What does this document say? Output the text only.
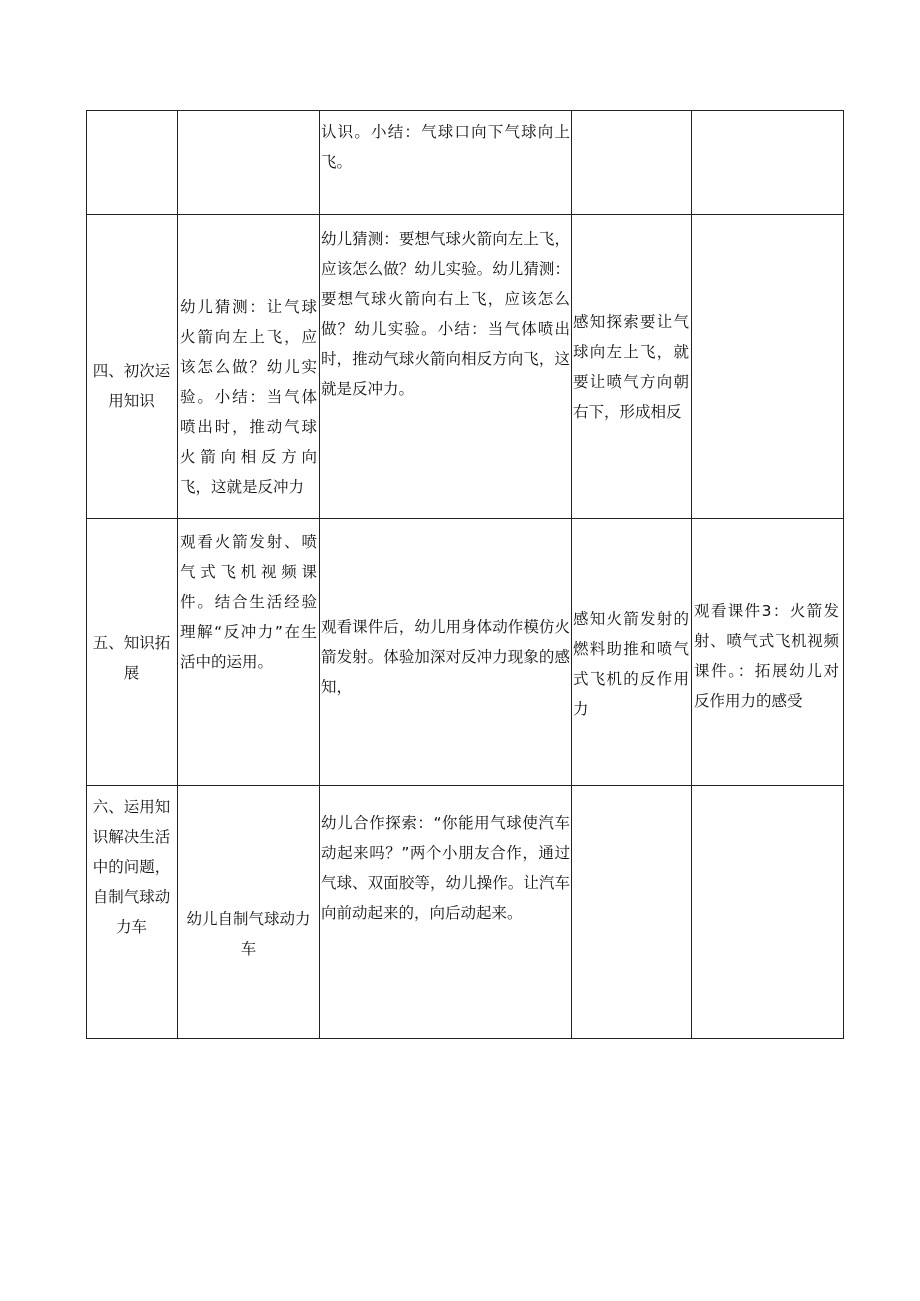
		认识。小结：气球口向下气球向上飞。		

四、初次运用知识	幼儿猜测：让气球火箭向左上飞，应该怎么做？幼儿实验。小结：当气体喷出时，推动气球火箭向相反方向飞，这就是反冲力	幼儿猜测：要想气球火箭向左上飞，应该怎么做？幼儿实验。幼儿猜测：要想气球火箭向右上飞，应该怎么做？幼儿实验。小结：当气体喷出时，推动气球火箭向相反方向飞，这就是反冲力。	感知探索要让气球向左上飞，就要让喷气方向朝右下，形成相反	

五、知识拓展	观看火箭发射、喷气式飞机视频课件。结合生活经验理解“反冲力”在生活中的运用。	观看课件后，幼儿用身体动作模仿火箭发射。体验加深对反冲力现象的感知，	感知火箭发射的燃料助推和喷气式飞机的反作用力	观看课件3：火箭发射、喷气式飞机视频课件。：拓展幼儿对反作用力的感受

六、运用知识解决生活中的问题，自制气球动力车	幼儿自制气球动力车	幼儿合作探索：“你能用气球使汽车动起来吗？”两个小朋友合作，通过气球、双面胶等，幼儿操作。让汽车向前动起来的，向后动起来。		
